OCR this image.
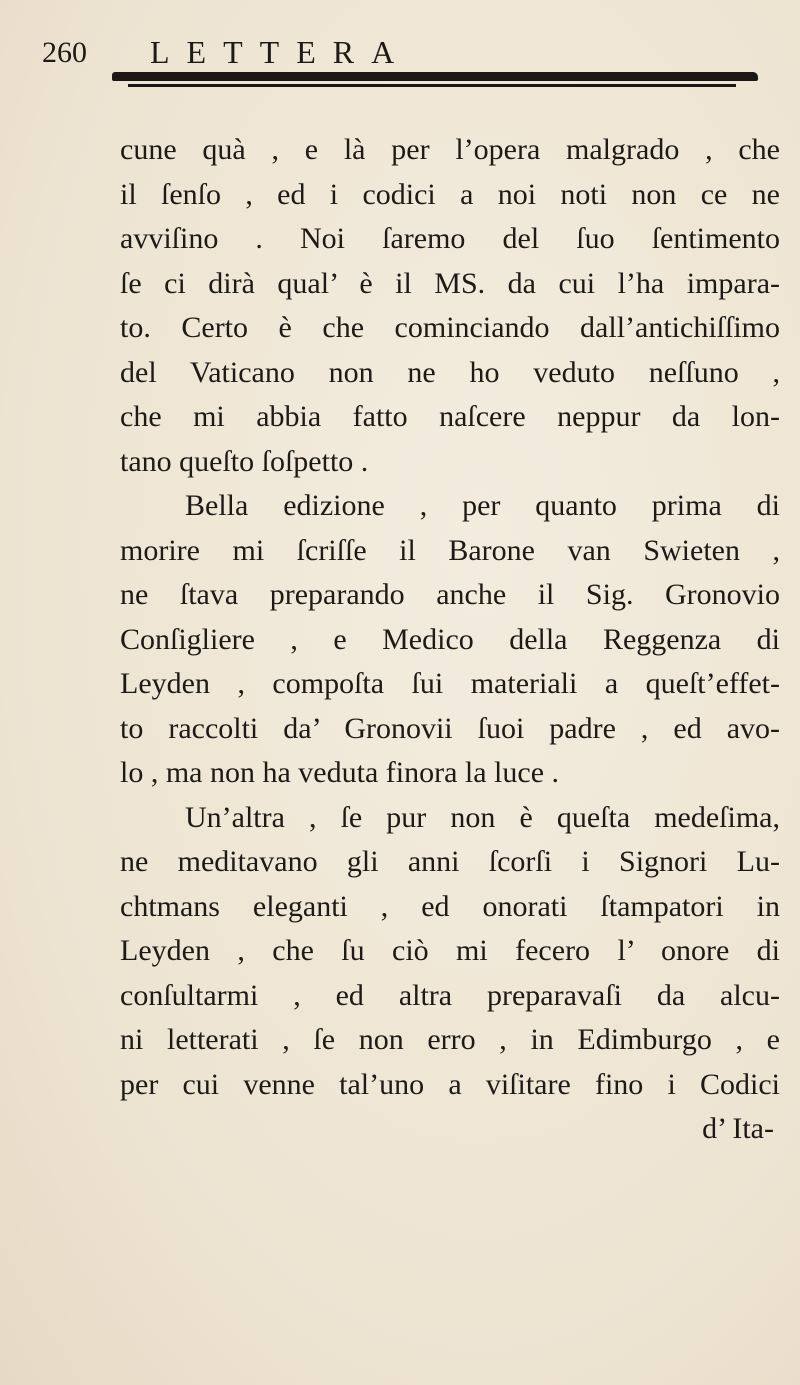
260 LETTERA
cune quà , e là per l’opera malgrado , che
il ſenſo , ed i codici a noi noti non ce ne
avviſino . Noi ſaremo del ſuo ſentimento
ſe ci dirà qual’ è il MS. da cui l’ha impara-
to. Certo è che cominciando dall’antichiſſimo
del Vaticano non ne ho veduto neſſuno ,
che mi abbia fatto naſcere neppur da lon-
tano queſto ſoſpetto .
Bella edizione , per quanto prima di
morire mi ſcriſſe il Barone van Swieten ,
ne ſtava preparando anche il Sig. Gronovio
Conſigliere , e Medico della Reggenza di
Leyden , compoſta ſui materiali a queſt’effet-
to raccolti da’ Gronovii ſuoi padre , ed avo-
lo , ma non ha veduta finora la luce .
Un’altra , ſe pur non è queſta medeſima,
ne meditavano gli anni ſcorſi i Signori Lu-
chtmans eleganti , ed onorati ſtampatori in
Leyden , che ſu ciò mi fecero l’ onore di
conſultarmi , ed altra preparavaſi da alcu-
ni letterati , ſe non erro , in Edimburgo , e
per cui venne tal’uno a viſitare fino i Codici
d’ Ita-
